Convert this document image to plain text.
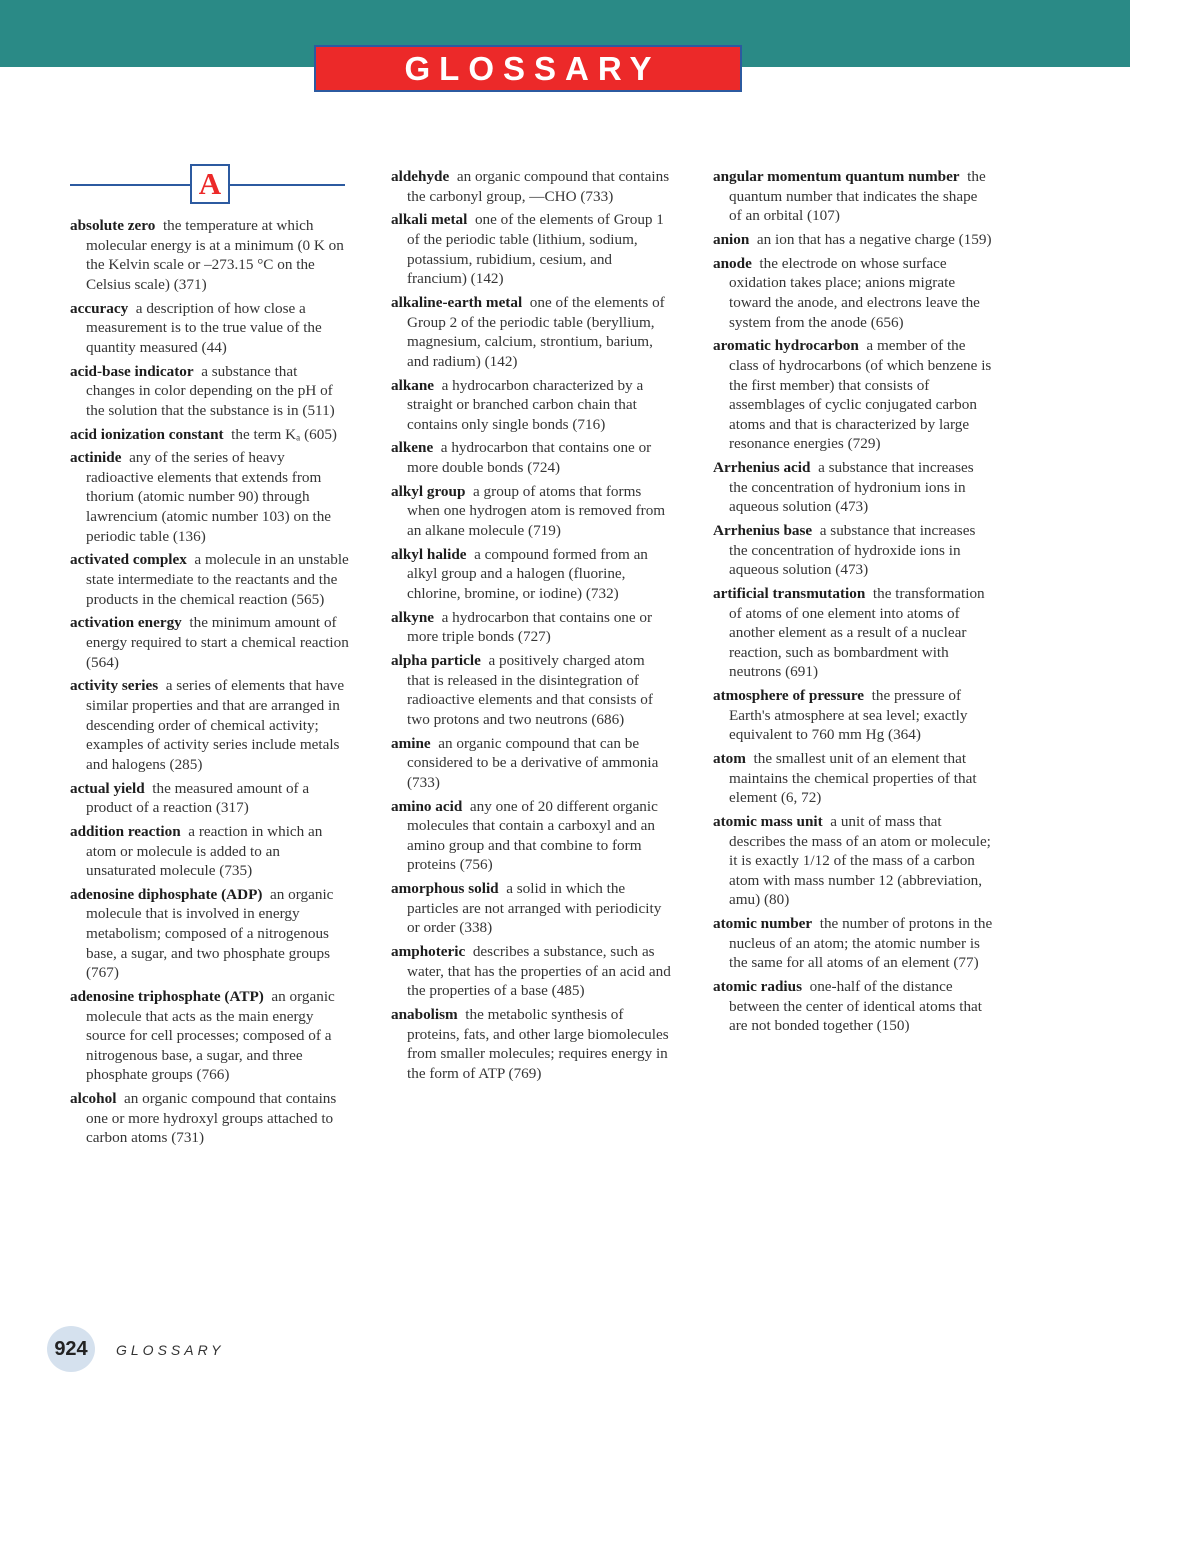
GLOSSARY
A
absolute zero  the temperature at which molecular energy is at a minimum (0 K on the Kelvin scale or –273.15 °C on the Celsius scale) (371)
accuracy  a description of how close a measurement is to the true value of the quantity measured (44)
acid-base indicator  a substance that changes in color depending on the pH of the solution that the substance is in (511)
acid ionization constant  the term Kₐ (605)
actinide  any of the series of heavy radioactive elements that extends from thorium (atomic number 90) through lawrencium (atomic number 103) on the periodic table (136)
activated complex  a molecule in an unstable state intermediate to the reactants and the products in the chemical reaction (565)
activation energy  the minimum amount of energy required to start a chemical reaction (564)
activity series  a series of elements that have similar properties and that are arranged in descending order of chemical activity; examples of activity series include metals and halogens (285)
actual yield  the measured amount of a product of a reaction (317)
addition reaction  a reaction in which an atom or molecule is added to an unsaturated molecule (735)
adenosine diphosphate (ADP)  an organic molecule that is involved in energy metabolism; composed of a nitrogenous base, a sugar, and two phosphate groups (767)
adenosine triphosphate (ATP)  an organic molecule that acts as the main energy source for cell processes; composed of a nitrogenous base, a sugar, and three phosphate groups (766)
alcohol  an organic compound that contains one or more hydroxyl groups attached to carbon atoms (731)
aldehyde  an organic compound that contains the carbonyl group, —CHO (733)
alkali metal  one of the elements of Group 1 of the periodic table (lithium, sodium, potassium, rubidium, cesium, and francium) (142)
alkaline-earth metal  one of the elements of Group 2 of the periodic table (beryllium, magnesium, calcium, strontium, barium, and radium) (142)
alkane  a hydrocarbon characterized by a straight or branched carbon chain that contains only single bonds (716)
alkene  a hydrocarbon that contains one or more double bonds (724)
alkyl group  a group of atoms that forms when one hydrogen atom is removed from an alkane molecule (719)
alkyl halide  a compound formed from an alkyl group and a halogen (fluorine, chlorine, bromine, or iodine) (732)
alkyne  a hydrocarbon that contains one or more triple bonds (727)
alpha particle  a positively charged atom that is released in the disintegration of radioactive elements and that consists of two protons and two neutrons (686)
amine  an organic compound that can be considered to be a derivative of ammonia (733)
amino acid  any one of 20 different organic molecules that contain a carboxyl and an amino group and that combine to form proteins (756)
amorphous solid  a solid in which the particles are not arranged with periodicity or order (338)
amphoteric  describes a substance, such as water, that has the properties of an acid and the properties of a base (485)
anabolism  the metabolic synthesis of proteins, fats, and other large biomolecules from smaller molecules; requires energy in the form of ATP (769)
angular momentum quantum number  the quantum number that indicates the shape of an orbital (107)
anion  an ion that has a negative charge (159)
anode  the electrode on whose surface oxidation takes place; anions migrate toward the anode, and electrons leave the system from the anode (656)
aromatic hydrocarbon  a member of the class of hydrocarbons (of which benzene is the first member) that consists of assemblages of cyclic conjugated carbon atoms and that is characterized by large resonance energies (729)
Arrhenius acid  a substance that increases the concentration of hydronium ions in aqueous solution (473)
Arrhenius base  a substance that increases the concentration of hydroxide ions in aqueous solution (473)
artificial transmutation  the transformation of atoms of one element into atoms of another element as a result of a nuclear reaction, such as bombardment with neutrons (691)
atmosphere of pressure  the pressure of Earth's atmosphere at sea level; exactly equivalent to 760 mm Hg (364)
atom  the smallest unit of an element that maintains the chemical properties of that element (6, 72)
atomic mass unit  a unit of mass that describes the mass of an atom or molecule; it is exactly 1/12 of the mass of a carbon atom with mass number 12 (abbreviation, amu) (80)
atomic number  the number of protons in the nucleus of an atom; the atomic number is the same for all atoms of an element (77)
atomic radius  one-half of the distance between the center of identical atoms that are not bonded together (150)
924 GLOSSARY
